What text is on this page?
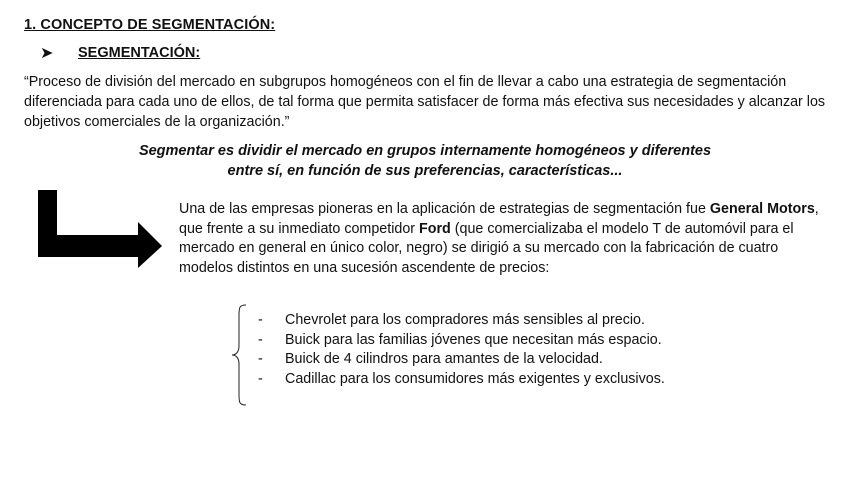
1. CONCEPTO DE SEGMENTACIÓN:
➤	SEGMENTACIÓN:
“Proceso de división del mercado en subgrupos homogéneos con el fin de llevar a cabo una estrategia de segmentación diferenciada para cada uno de ellos, de tal forma que permita satisfacer de forma más efectiva sus necesidades y alcanzar los objetivos comerciales de la organización.”
Segmentar es dividir el mercado en grupos internamente homogéneos y diferentes
entre sí, en función de sus preferencias, características...
Una de las empresas pioneras en la aplicación de estrategias de segmentación fue General Motors, que frente a su inmediato competidor Ford (que comercializaba el modelo T de automóvil para el mercado en general en único color, negro) se dirigió a su mercado con la fabricación de cuatro modelos distintos en una sucesión ascendente de precios:
-	Chevrolet para los compradores más sensibles al precio.
-	Buick para las familias jóvenes que necesitan más espacio.
-	Buick de 4 cilindros para amantes de la velocidad.
-	Cadillac para los consumidores más exigentes y exclusivos.
